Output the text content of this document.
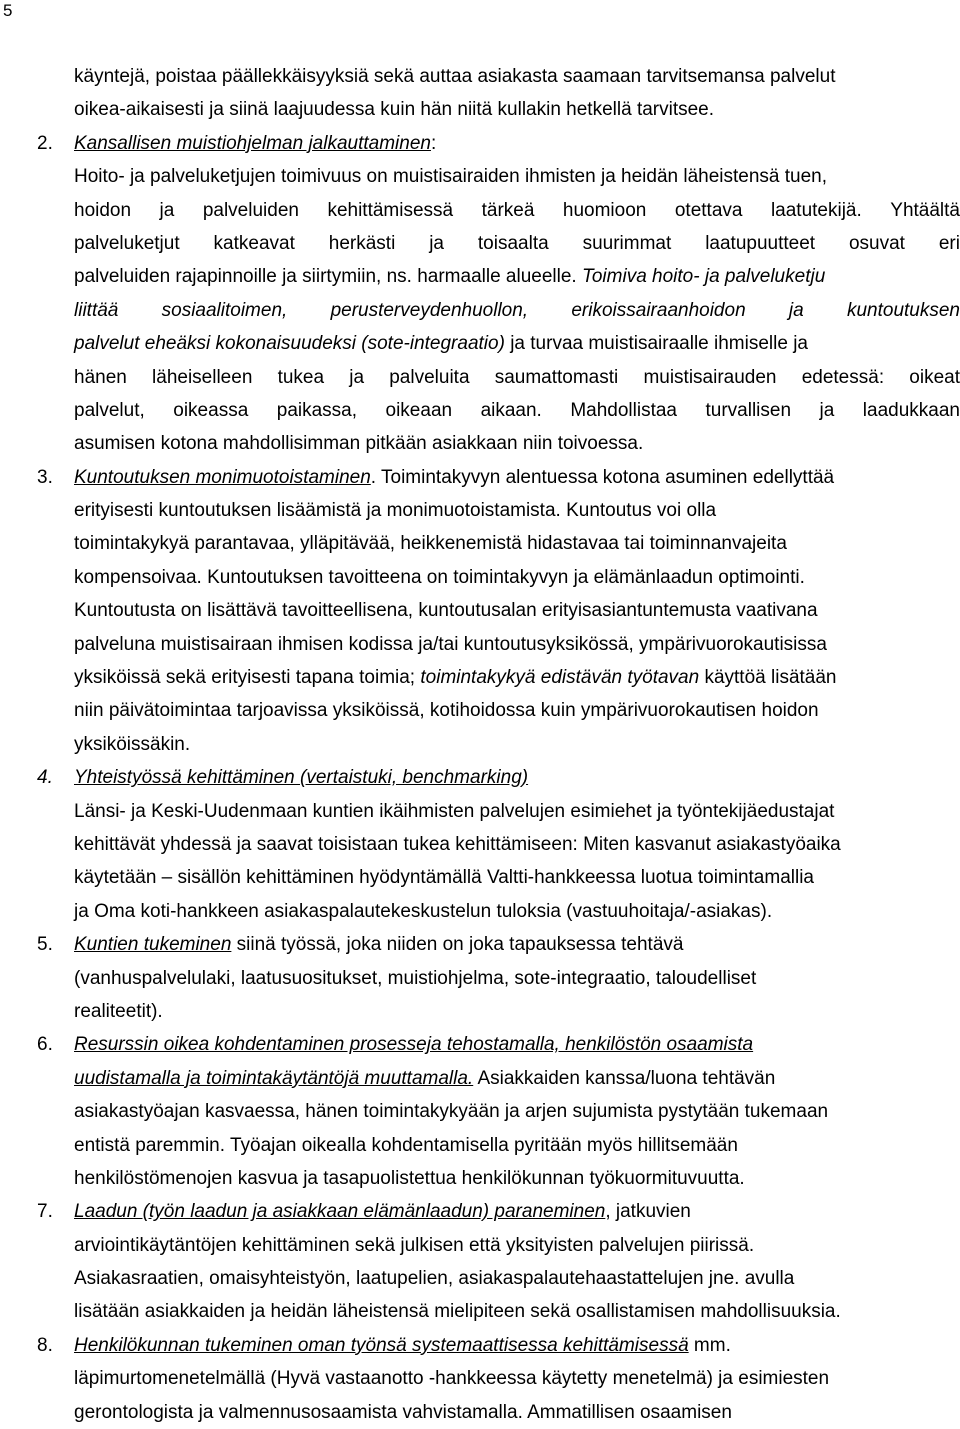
5
käyntejä, poistaa päällekkäisyyksiä sekä auttaa asiakasta saamaan tarvitsemansa palvelut
oikea-aikaisesti ja siinä laajuudessa kuin hän niitä kullakin hetkellä tarvitsee.
2.	Kansallisen muistiohjelman jalkauttaminen:
Hoito- ja palveluketjujen toimivuus on muistisairaiden ihmisten ja heidän läheistensä tuen,
hoidon ja palveluiden kehittämisessä tärkeä huomioon otettava laatutekijä. Yhtäältä
palveluketjut katkeavat herkästi ja toisaalta suurimmat laatupuutteet osuvat eri
palveluiden rajapinnoille ja siirtymiin, ns. harmaalle alueelle. Toimiva hoito- ja palveluketju
liittää sosiaalitoimen, perusterveydenhuollon, erikoissairaanhoidon ja kuntoutuksen
palvelut eheäksi kokonaisuudeksi (sote-integraatio) ja turvaa muistisairaalle ihmiselle ja
hänen läheiselleen tukea ja palveluita saumattomasti muistisairauden edetessä: oikeat
palvelut, oikeassa paikassa, oikeaan aikaan. Mahdollistaa turvallisen ja laadukkaan
asumisen kotona mahdollisimman pitkään asiakkaan niin toivoessa.
3.	Kuntoutuksen monimuotoistaminen. Toimintakyvyn alentuessa kotona asuminen edellyttää
erityisesti kuntoutuksen lisäämistä ja monimuotoistamista. Kuntoutus voi olla
toimintakykyä parantavaa, ylläpitävää, heikkenemistä hidastavaa tai toiminnanvajeita
kompensoivaa. Kuntoutuksen tavoitteena on toimintakyvyn ja elämänlaadun optimointi.
Kuntoutusta on lisättävä tavoitteellisena, kuntoutusalan erityisasiantuntemusta vaativana
palveluna muistisairaan ihmisen kodissa ja/tai kuntoutusyksikössä, ympärivuorokautisissa
yksiköissä sekä erityisesti tapana toimia; toimintakykyä edistävän työtavan käyttöä lisätään
niin päivätoimintaa tarjoavissa yksiköissä, kotihoidossa kuin ympärivuorokautisen hoidon
yksiköissäkin.
4.	Yhteistyössä kehittäminen (vertaistuki, benchmarking)
Länsi- ja Keski-Uudenmaan kuntien ikäihmisten palvelujen esimiehet ja työntekijäedustajat
kehittävät yhdessä ja saavat toisistaan tukea kehittämiseen: Miten kasvanut asiakastyöaika
käytetään – sisällön kehittäminen hyödyntämällä Valtti-hankkeessa luotua toimintamallia
ja Oma koti-hankkeen asiakaspalautekeskustelun tuloksia (vastuuhoitaja/-asiakas).
5.	Kuntien tukeminen siinä työssä, joka niiden on joka tapauksessa tehtävä
(vanhuspalvelulaki, laatusuositukset, muistiohjelma, sote-integraatio, taloudelliset
realiteetit).
6.	Resurssin oikea kohdentaminen prosesseja tehostamalla, henkilöstön osaamista
uudistamalla ja toimintakäytäntöjä muuttamalla. Asiakkaiden kanssa/luona tehtävän
asiakastyöajan kasvaessa, hänen toimintakykyään ja arjen sujumista pystytään tukemaan
entistä paremmin. Työajan oikealla kohdentamisella pyritään myös hillitsemään
henkilöstömenojen kasvua ja tasapuolistettua henkilökunnan työkuormituvuutta.
7.	Laadun (työn laadun ja asiakkaan elämänlaadun) paraneminen, jatkuvien
arviointikäytäntöjen kehittäminen sekä julkisen että yksityisten palvelujen piirissä.
Asiakasraatien, omaisyhteistyön, laatupelien, asiakaspalautehaastattelujen jne. avulla
lisätään asiakkaiden ja heidän läheistensä mielipiteen sekä osallistamisen mahdollisuuksia.
8.	Henkilökunnan tukeminen oman työnsä systemaattisessa kehittämisessä mm.
läpimurtomenetelmällä (Hyvä vastaanotto -hankkeessa käytetty menetelmä) ja esimiesten
gerontologista ja valmennusosaamista vahvistamalla. Ammatillisen osaamisen
